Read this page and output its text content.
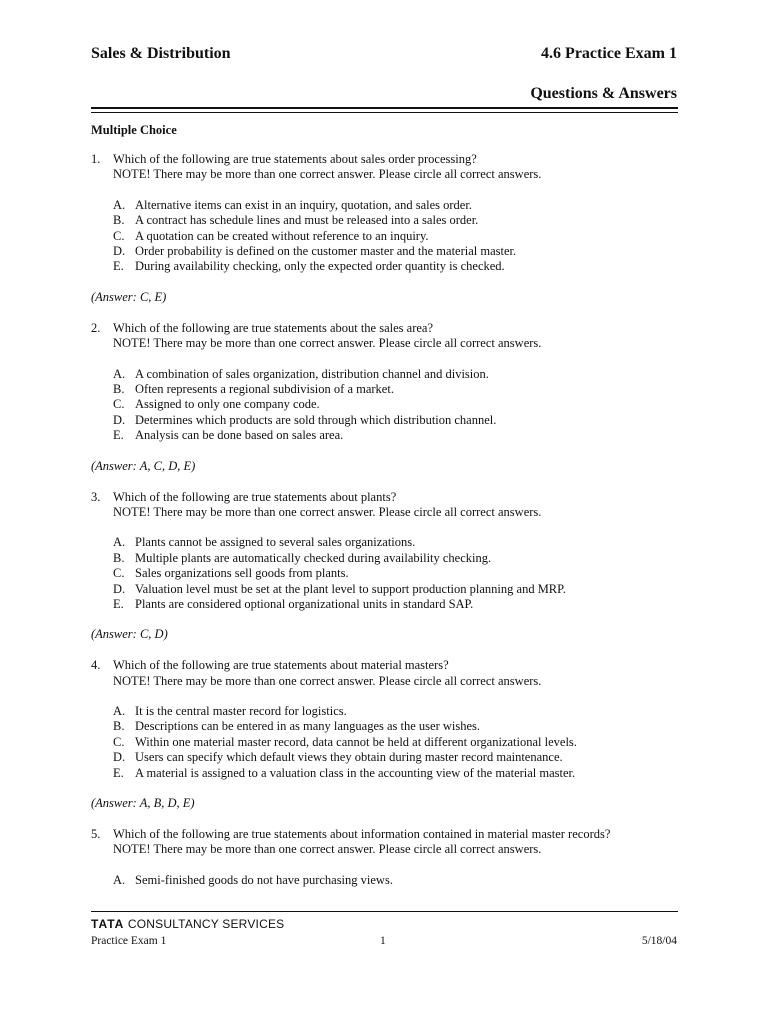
Sales & Distribution	4.6 Practice Exam 1
Questions & Answers
Multiple Choice
1. Which of the following are true statements about sales order processing?
NOTE! There may be more than one correct answer. Please circle all correct answers.
A. Alternative items can exist in an inquiry, quotation, and sales order.
B. A contract has schedule lines and must be released into a sales order.
C. A quotation can be created without reference to an inquiry.
D. Order probability is defined on the customer master and the material master.
E. During availability checking, only the expected order quantity is checked.
(Answer: C, E)
2. Which of the following are true statements about the sales area?
NOTE! There may be more than one correct answer. Please circle all correct answers.
A. A combination of sales organization, distribution channel and division.
B. Often represents a regional subdivision of a market.
C. Assigned to only one company code.
D. Determines which products are sold through which distribution channel.
E. Analysis can be done based on sales area.
(Answer: A, C, D, E)
3. Which of the following are true statements about plants?
NOTE! There may be more than one correct answer. Please circle all correct answers.
A. Plants cannot be assigned to several sales organizations.
B. Multiple plants are automatically checked during availability checking.
C. Sales organizations sell goods from plants.
D. Valuation level must be set at the plant level to support production planning and MRP.
E. Plants are considered optional organizational units in standard SAP.
(Answer: C, D)
4. Which of the following are true statements about material masters?
NOTE! There may be more than one correct answer. Please circle all correct answers.
A. It is the central master record for logistics.
B. Descriptions can be entered in as many languages as the user wishes.
C. Within one material master record, data cannot be held at different organizational levels.
D. Users can specify which default views they obtain during master record maintenance.
E. A material is assigned to a valuation class in the accounting view of the material master.
(Answer: A, B, D, E)
5. Which of the following are true statements about information contained in material master records?
NOTE! There may be more than one correct answer. Please circle all correct answers.
A. Semi-finished goods do not have purchasing views.
TATA CONSULTANCY SERVICES
Practice Exam 1	1	5/18/04
